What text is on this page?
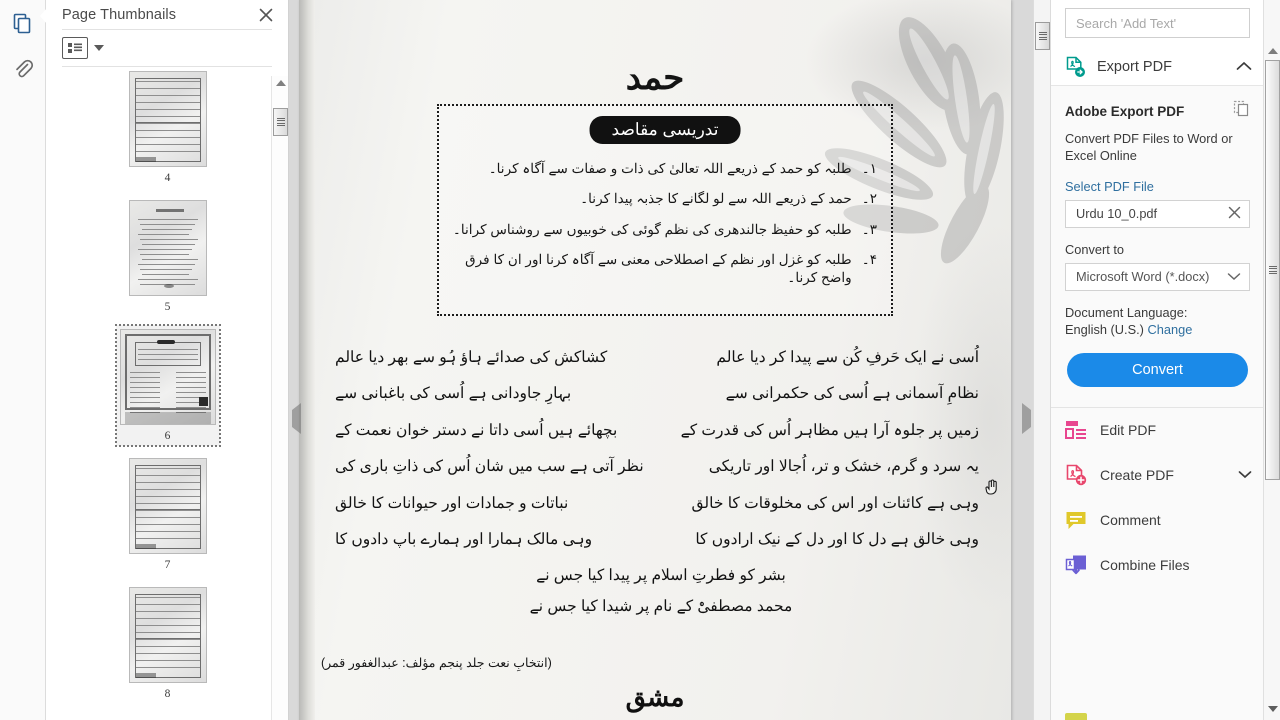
Page Thumbnails
4
5
6
7
8
حمد
تدریسی مقاصد
۱۔
طلبہ کو حمد کے ذریعے اللہ تعالیٰ کی ذات و صفات سے آگاہ کرنا۔
۲۔
حمد کے ذریعے اللہ سے لو لگانے کا جذبہ پیدا کرنا۔
۳۔
طلبہ کو حفیظ جالندھری کی نظم گوئی کی خوبیوں سے روشناس کرانا۔
۴۔
طلبہ کو غزل اور نظم کے اصطلاحی معنی سے آگاہ کرنا اور ان کا فرق واضح کرنا۔
اُسی نے ایک حَرفِ کُن سے پیدا کر دیا عالم
کشاکش کی صدائے ہاؤ ہُو سے بھر دیا عالم
نظامِ آسمانی ہے اُسی کی حکمرانی سے
بہارِ جاودانی ہے اُسی کی باغبانی سے
زمیں پر جلوہ آرا ہیں مظاہر اُس کی قدرت کے
بچھائے ہیں اُسی داتا نے دستر خوان نعمت کے
یہ سرد و گرم، خشک و تر، اُجالا اور تاریکی
نظر آتی ہے سب میں شان اُس کی ذاتِ باری کی
وہی ہے کائنات اور اس کی مخلوقات کا خالق
نباتات و جمادات اور حیوانات کا خالق
وہی خالق ہے دل کا اور دل کے نیک ارادوں کا
وہی مالک ہمارا اور ہمارے باپ دادوں کا
بشر کو فطرتِ اسلام پر پیدا کیا جس نے
محمد مصطفیْٰ کے نام پر شیدا کیا جس نے
(انتخابِ نعت جلد پنجم مؤلف: عبدالغفور قمر)
مشق
Search 'Add Text'
Export PDF
Adobe Export PDF
Convert PDF Files to Word or Excel Online
Select PDF File
Urdu 10_0.pdf
Convert to
Microsoft Word (*.docx)
Document Language:
English (U.S.) Change
Convert
Edit PDF
Create PDF
Comment
Combine Files
